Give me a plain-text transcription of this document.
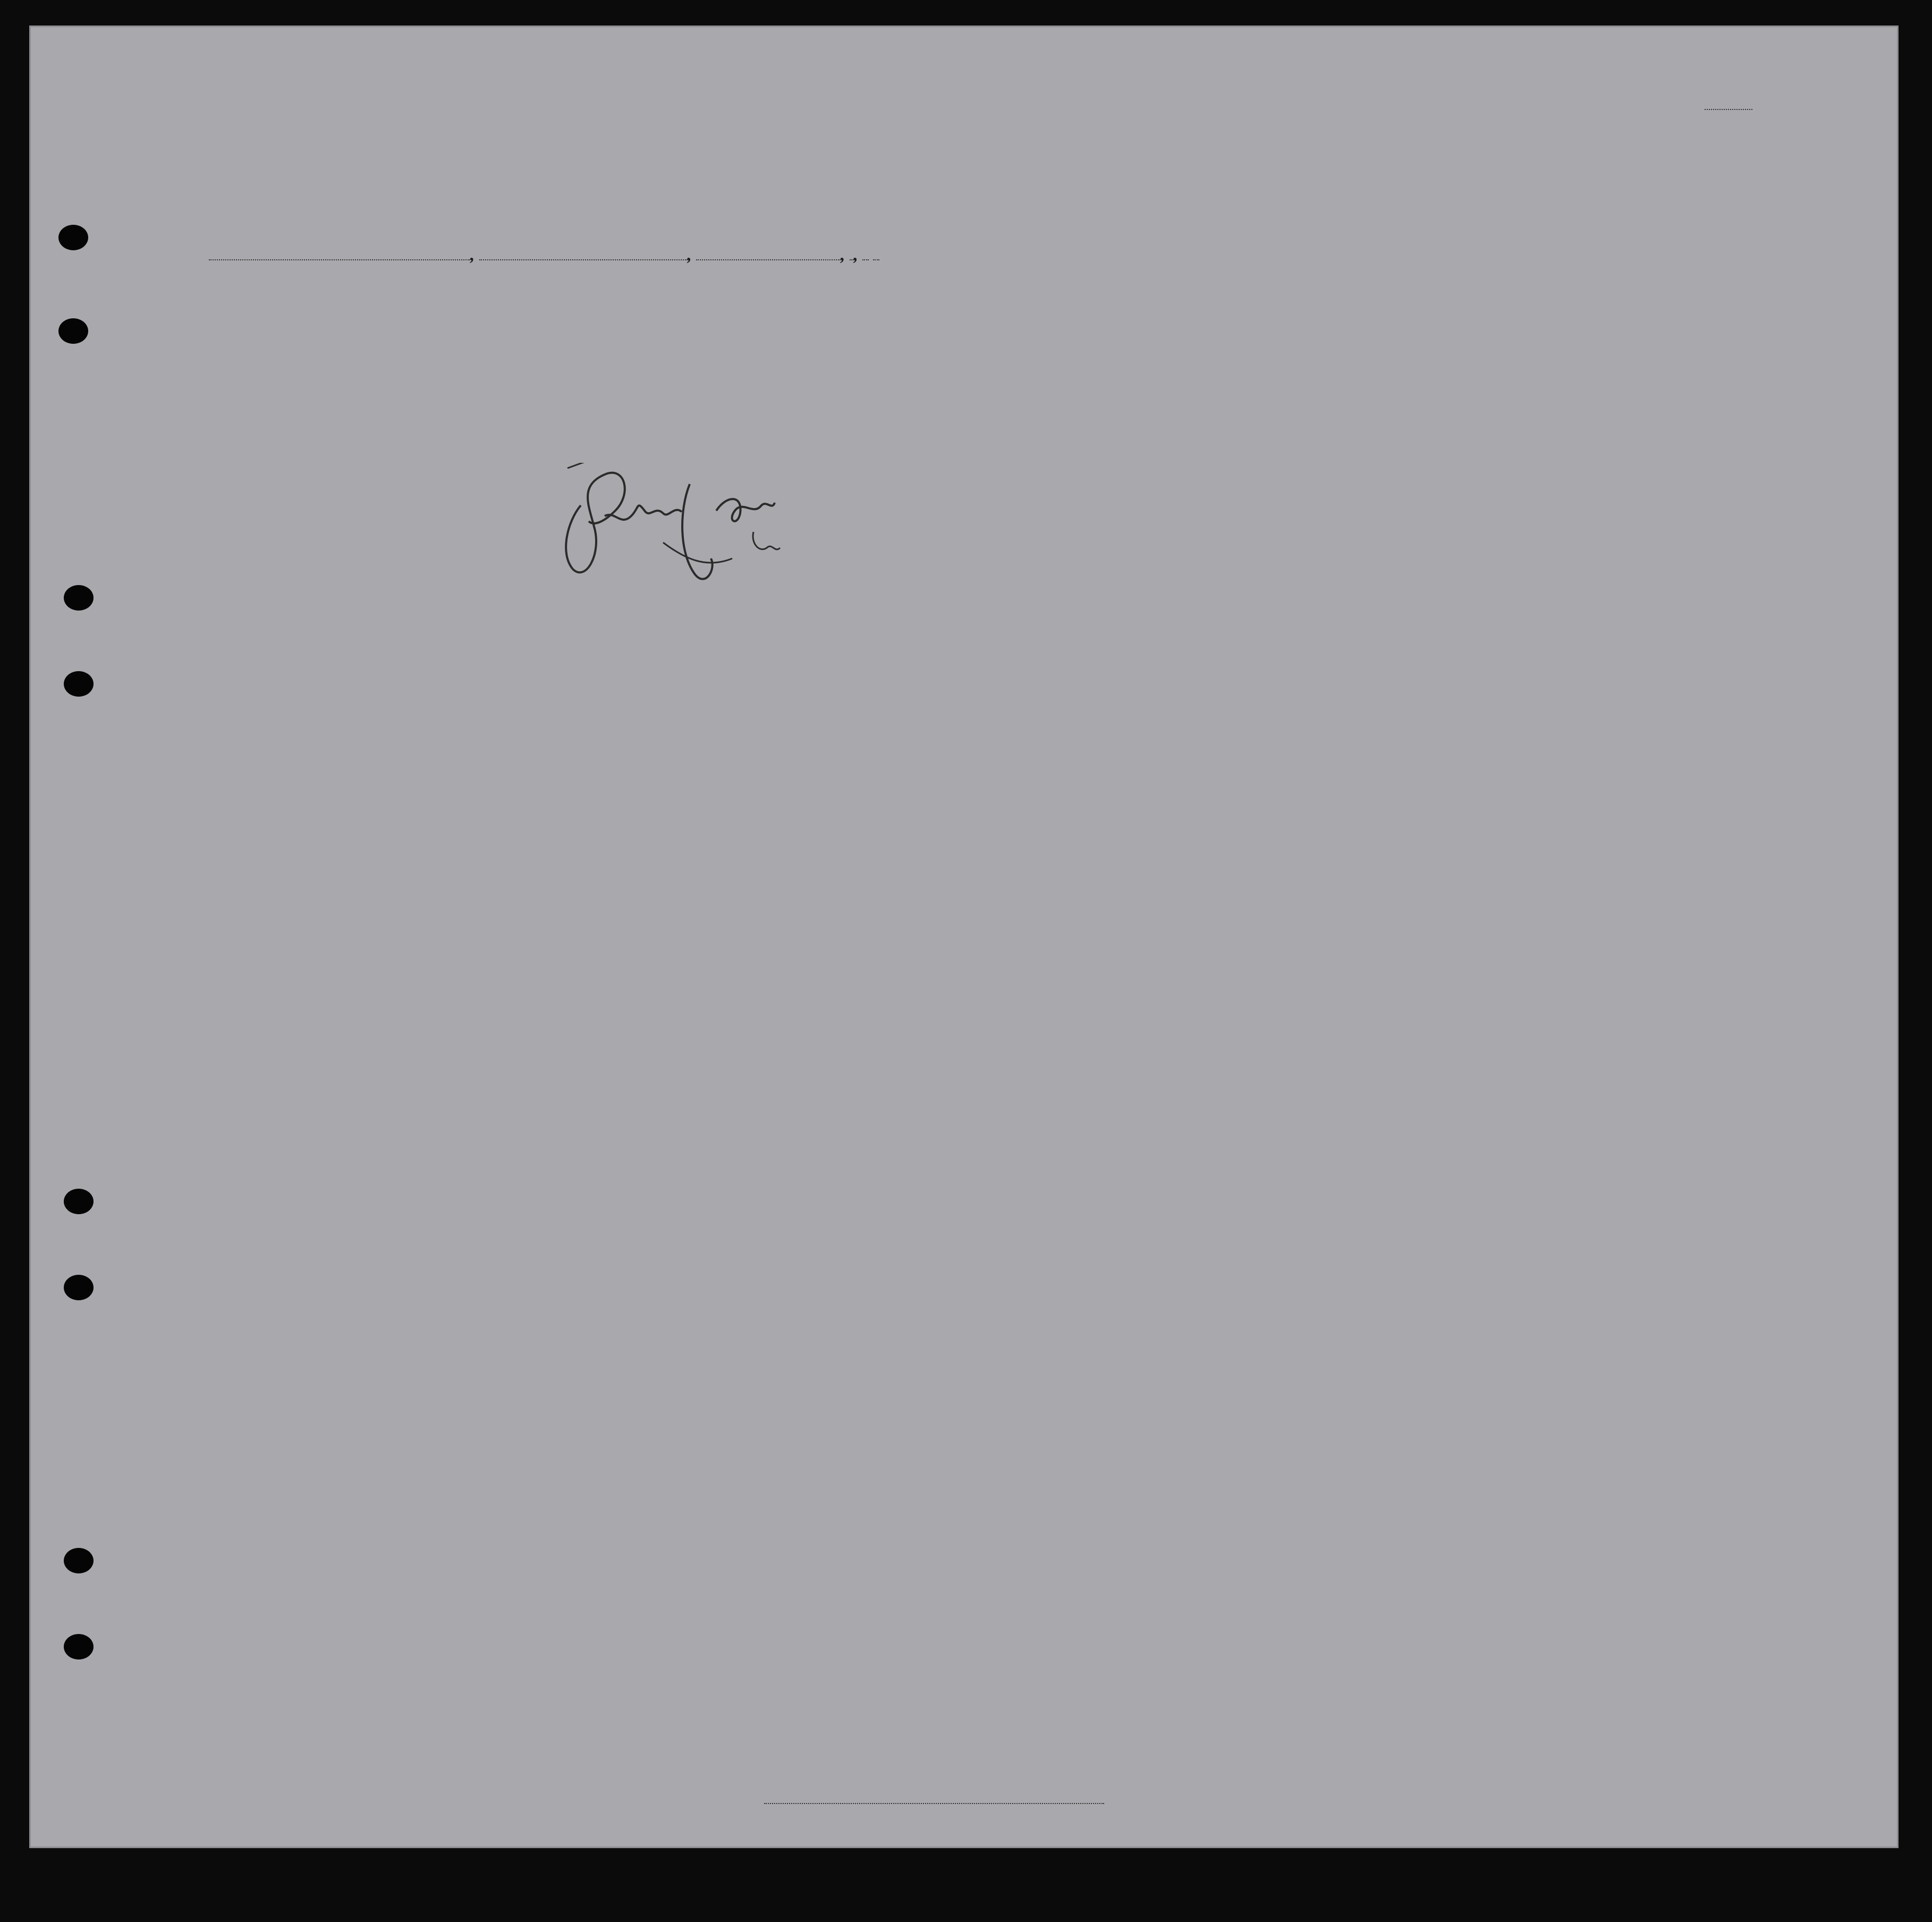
,	,	, ,
